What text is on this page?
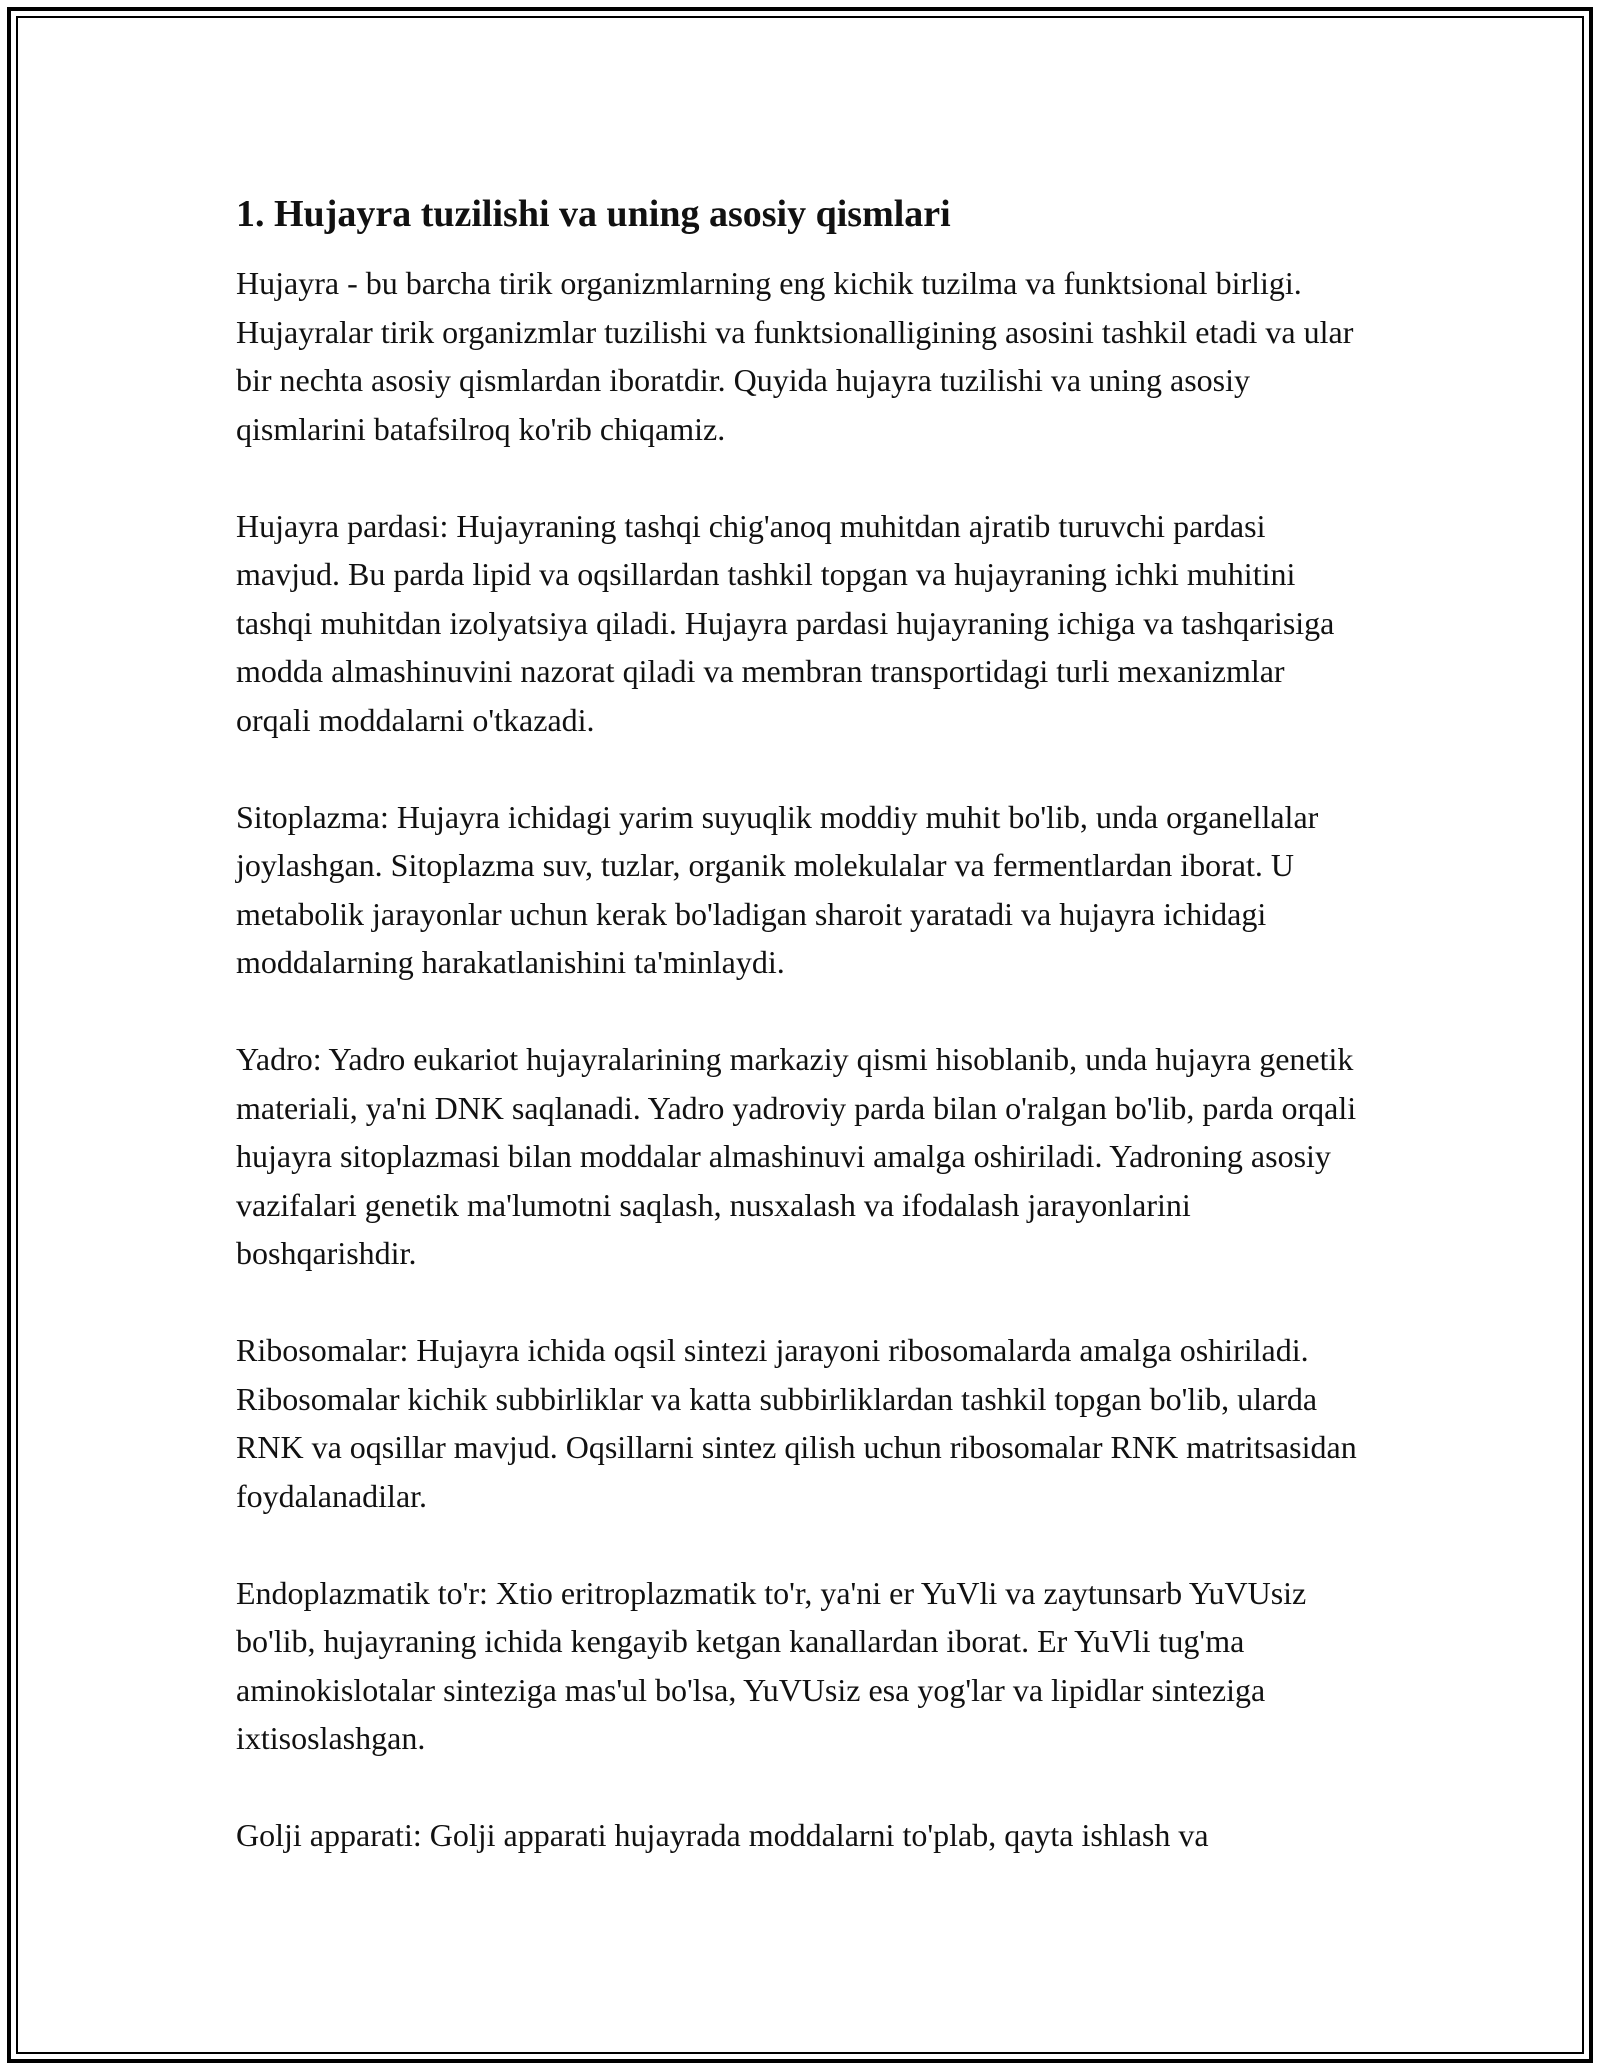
1. Hujayra tuzilishi va uning asosiy qismlari

Hujayra - bu barcha tirik organizmlarning eng kichik tuzilma va funktsional birligi. Hujayralar tirik organizmlar tuzilishi va funktsionalligining asosini tashkil etadi va ular bir nechta asosiy qismlardan iboratdir. Quyida hujayra tuzilishi va uning asosiy qismlarini batafsilroq ko'rib chiqamiz.

Hujayra pardasi: Hujayraning tashqi chig'anoq muhitdan ajratib turuvchi pardasi mavjud. Bu parda lipid va oqsillardan tashkil topgan va hujayraning ichki muhitini tashqi muhitdan izolyatsiya qiladi. Hujayra pardasi hujayraning ichiga va tashqarisiga modda almashinuvini nazorat qiladi va membran transportidagi turli mexanizmlar orqali moddalarni o'tkazadi.

Sitoplazma: Hujayra ichidagi yarim suyuqlik moddiy muhit bo'lib, unda organellalar joylashgan. Sitoplazma suv, tuzlar, organik molekulalar va fermentlardan iborat. U metabolik jarayonlar uchun kerak bo'ladigan sharoit yaratadi va hujayra ichidagi moddalarning harakatlanishini ta'minlaydi.

Yadro: Yadro eukariot hujayralarining markaziy qismi hisoblanib, unda hujayra genetik materiali, ya'ni DNK saqlanadi. Yadro yadroviy parda bilan o'ralgan bo'lib, parda orqali hujayra sitoplazmasi bilan moddalar almashinuvi amalga oshiriladi. Yadroning asosiy vazifalari genetik ma'lumotni saqlash, nusxalash va ifodalash jarayonlarini boshqarishdir.

Ribosomalar: Hujayra ichida oqsil sintezi jarayoni ribosomalarda amalga oshiriladi. Ribosomalar kichik subbirliklar va katta subbirliklardan tashkil topgan bo'lib, ularda RNK va oqsillar mavjud. Oqsillarni sintez qilish uchun ribosomalar RNK matritsasidan foydalanadilar.

Endoplazmatik to'r: Xtio eritroplazmatik to'r, ya'ni er YuVli va zaytunsarb YuVUsiz bo'lib, hujayraning ichida kengayib ketgan kanallardan iborat. Er YuVli tug'ma aminokislotalar sinteziga mas'ul bo'lsa, YuVUsiz esa yog'lar va lipidlar sinteziga ixtisoslashgan.

Golji apparati: Golji apparati hujayrada moddalarni to'plab, qayta ishlash va
